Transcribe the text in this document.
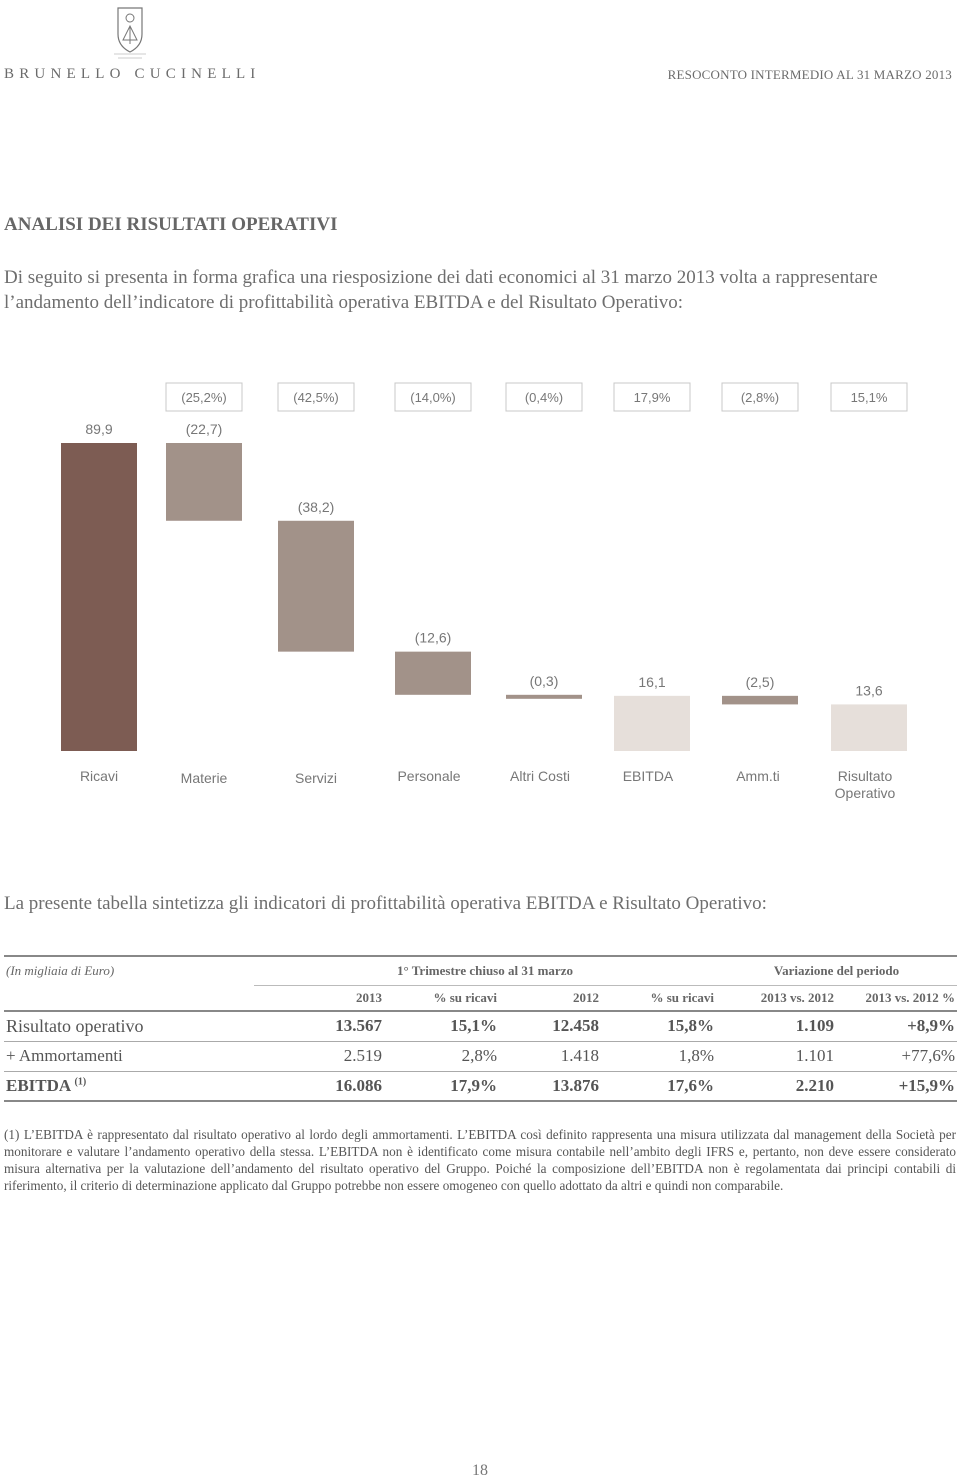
BRUNELLO CUCINELLI	RESOCONTO INTERMEDIO AL 31 MARZO 2013
ANALISI DEI RISULTATI OPERATIVI
Di seguito si presenta in forma grafica una riesposizione dei dati economici al 31 marzo 2013 volta a rappresentare l’andamento dell’indicatore di profittabilità operativa EBITDA e del Risultato Operativo:
89,9	(22,7)
(38,2)
(12,6)
(0,3)	16,1	(2,5)
13,6
(25,2%)	(42,5%)	(14,0%)	(0,4%)	17,9%	(2,8%)	15,1%
Ricavi	Materie	Servizi	Personale	Altri Costi	EBITDA	Amm.ti	Risultato
Operativo
La presente tabella sintetizza gli indicatori di profittabilità operativa EBITDA e Risultato Operativo:
(In migliaia di Euro)	1° Trimestre chiuso al 31 marzo				Variazione del periodo	
	2013	% su ricavi	2012	% su ricavi	2013 vs. 2012	2013 vs. 2012 %
Risultato operativo	13.567	15,1%	12.458	15,8%	1.109	+8,9%
+ Ammortamenti	2.519	2,8%	1.418	1,8%	1.101	+77,6%
EBITDA $^{(1)}$	16.086	17,9%	13.876	17,6%	2.210	+15,9%
(1) L’EBITDA è rappresentato dal risultato operativo al lordo degli ammortamenti. L’EBITDA così definito rappresenta una misura utilizzata dal management della Società per monitorare e valutare l’andamento operativo della stessa. L’EBITDA non è identificato come misura contabile nell’ambito degli IFRS e, pertanto, non deve essere considerato misura alternativa per la valutazione dell’andamento del risultato operativo del Gruppo. Poiché la composizione dell’EBITDA non è regolamentata dai principi contabili di riferimento, il criterio di determinazione applicato dal Gruppo potrebbe non essere omogeneo con quello adottato da altri e quindi non comparabile.
18
